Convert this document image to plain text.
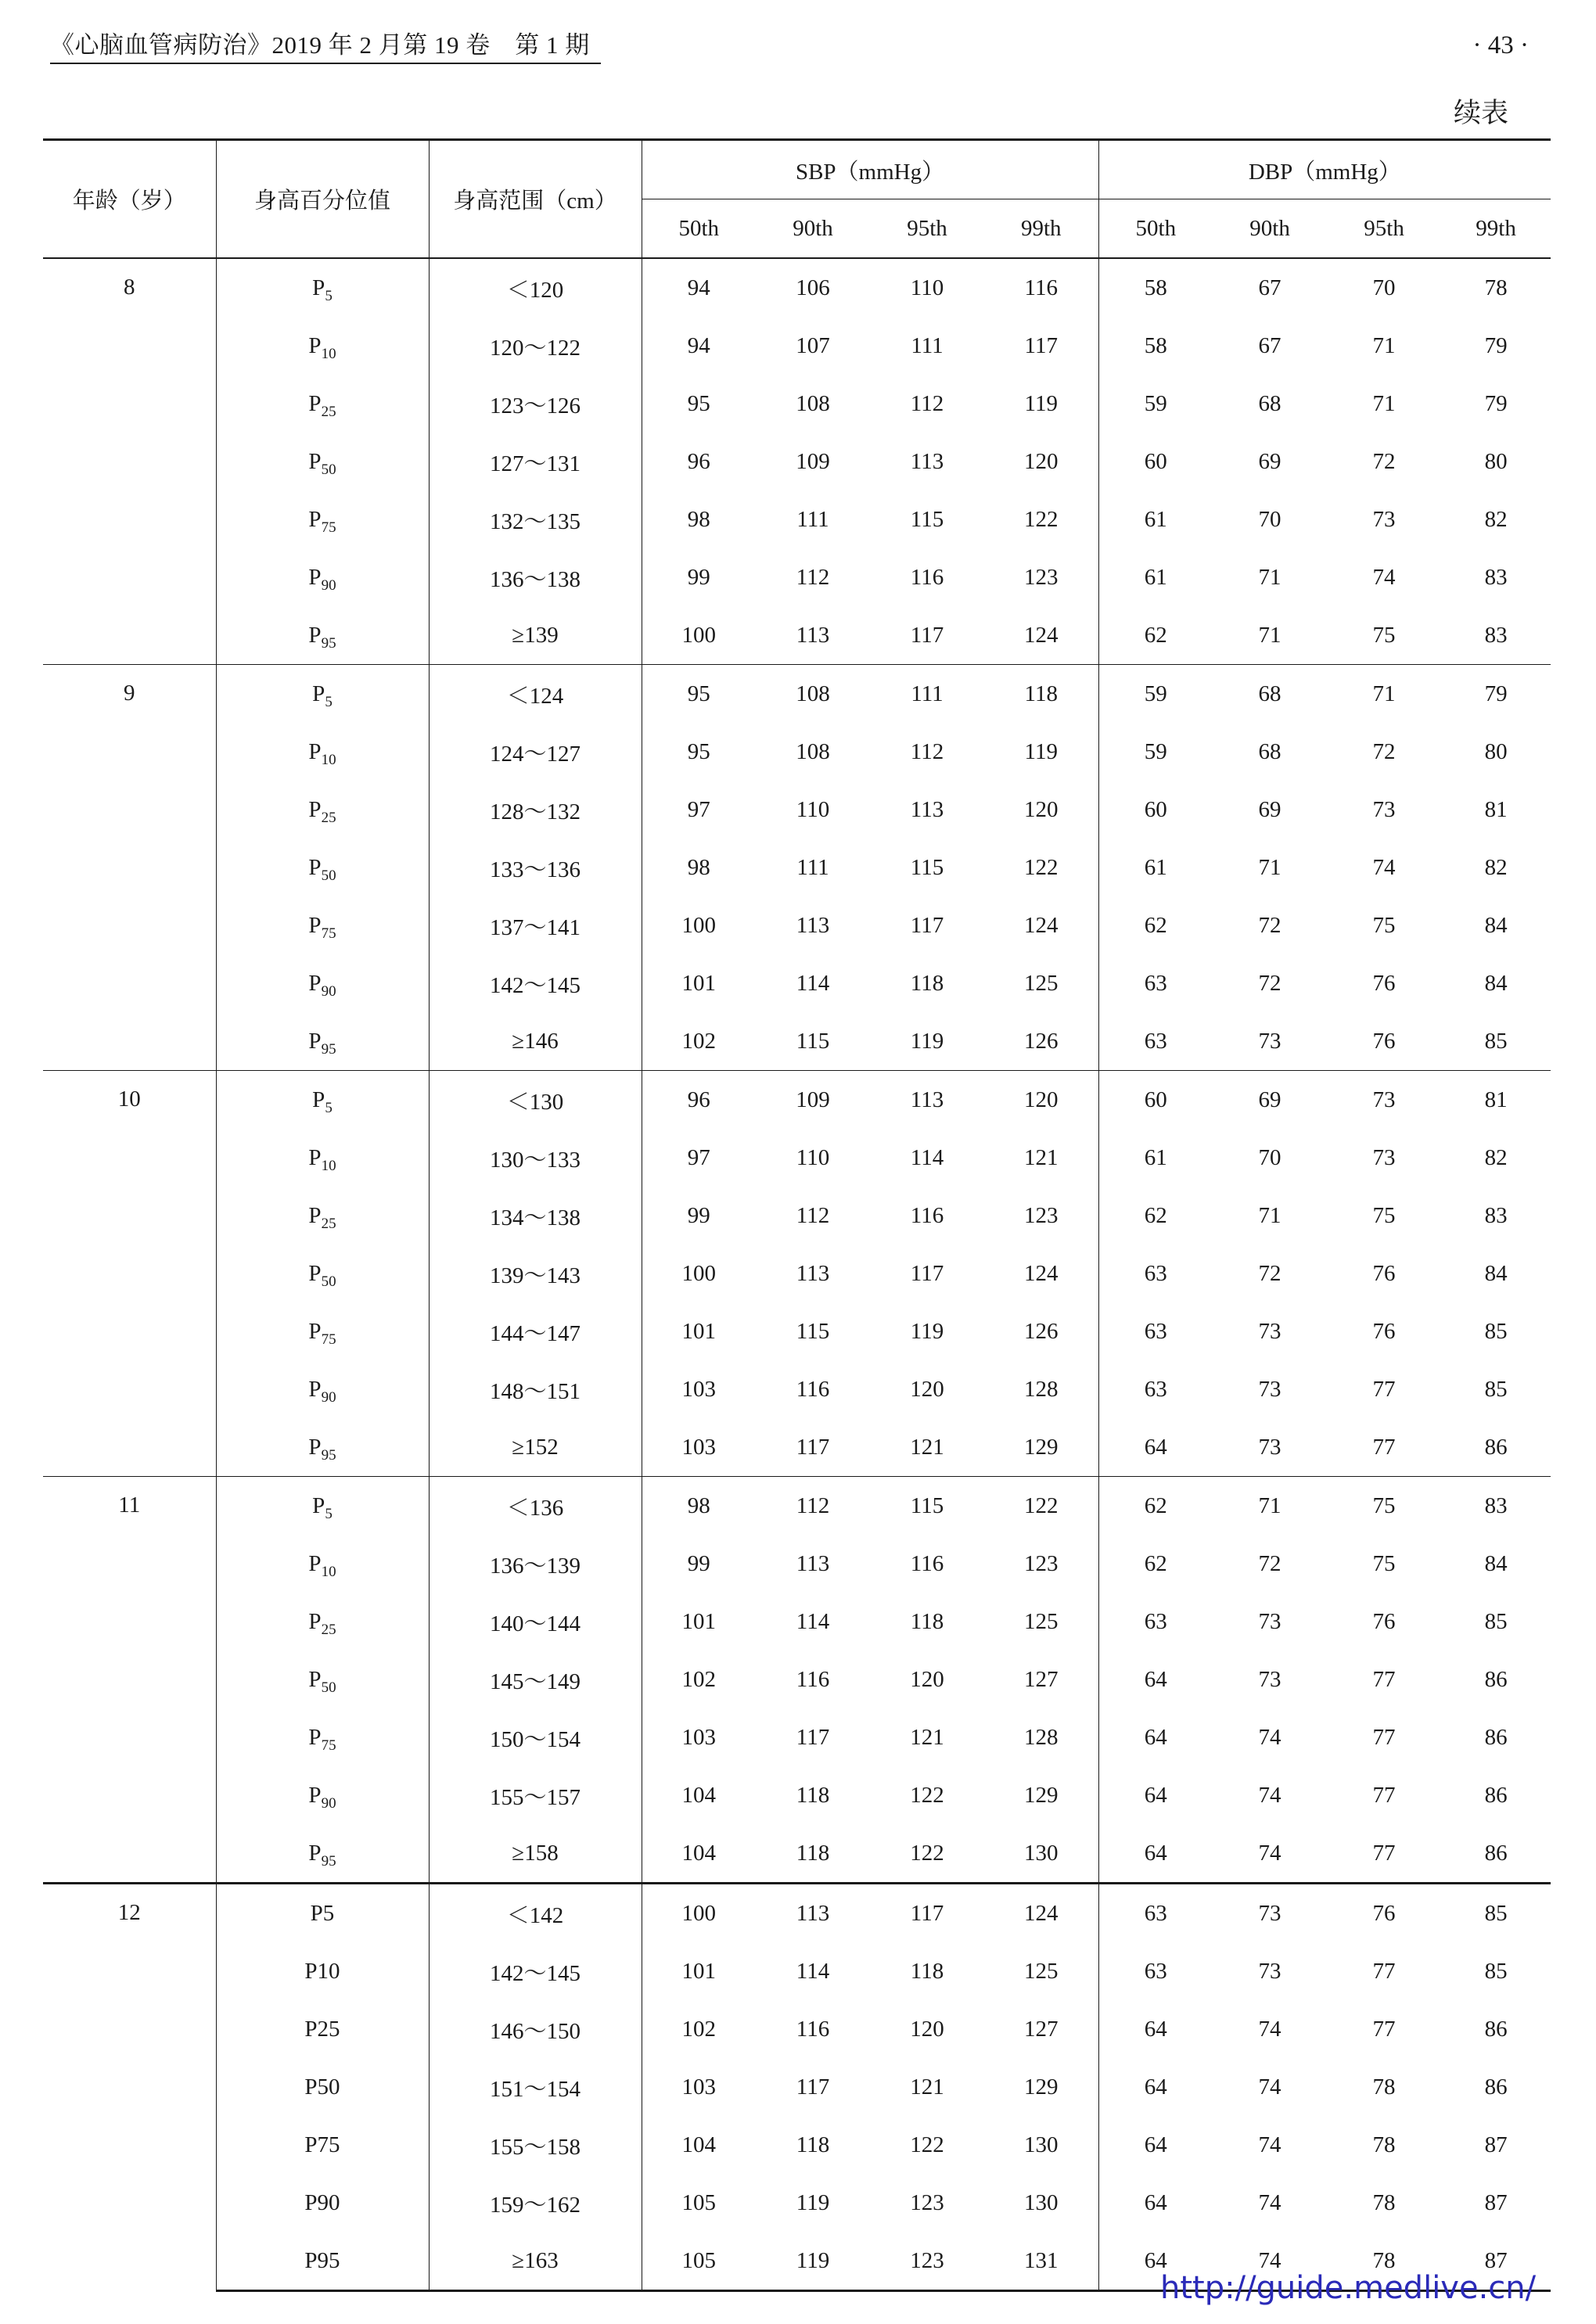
《心脑血管病防治》2019 年 2 月第 19 卷　第 1 期	· 43 ·
续表
年龄（岁）	身高百分位值	身高范围（cm）	SBP（mmHg）				DBP（mmHg）			
			50th	90th	95th	99th	50th	90th	95th	99th
8	$P_5$	＜120	94	106	110	116	58	67	70	78
	$P_{10}$	120～122	94	107	111	117	58	67	71	79
	$P_{25}$	123～126	95	108	112	119	59	68	71	79
	$P_{50}$	127～131	96	109	113	120	60	69	72	80
	$P_{75}$	132～135	98	111	115	122	61	70	73	82
	$P_{90}$	136～138	99	112	116	123	61	71	74	83
	$P_{95}$	≥139	100	113	117	124	62	71	75	83
9	$P_5$	＜124	95	108	111	118	59	68	71	79
	$P_{10}$	124～127	95	108	112	119	59	68	72	80
	$P_{25}$	128～132	97	110	113	120	60	69	73	81
	$P_{50}$	133～136	98	111	115	122	61	71	74	82
	$P_{75}$	137～141	100	113	117	124	62	72	75	84
	$P_{90}$	142～145	101	114	118	125	63	72	76	84
	$P_{95}$	≥146	102	115	119	126	63	73	76	85
10	$P_5$	＜130	96	109	113	120	60	69	73	81
	$P_{10}$	130～133	97	110	114	121	61	70	73	82
	$P_{25}$	134～138	99	112	116	123	62	71	75	83
	$P_{50}$	139～143	100	113	117	124	63	72	76	84
	$P_{75}$	144～147	101	115	119	126	63	73	76	85
	$P_{90}$	148～151	103	116	120	128	63	73	77	85
	$P_{95}$	≥152	103	117	121	129	64	73	77	86
11	$P_5$	＜136	98	112	115	122	62	71	75	83
	$P_{10}$	136～139	99	113	116	123	62	72	75	84
	$P_{25}$	140～144	101	114	118	125	63	73	76	85
	$P_{50}$	145～149	102	116	120	127	64	73	77	86
	$P_{75}$	150～154	103	117	121	128	64	74	77	86
	$P_{90}$	155～157	104	118	122	129	64	74	77	86
	$P_{95}$	≥158	104	118	122	130	64	74	77	86
12	P5	＜142	100	113	117	124	63	73	76	85
	P10	142～145	101	114	118	125	63	73	77	85
	P25	146～150	102	116	120	127	64	74	77	86
	P50	151～154	103	117	121	129	64	74	78	86
	P75	155～158	104	118	122	130	64	74	78	87
	P90	159～162	105	119	123	130	64	74	78	87
	P95	≥163	105	119	123	131	64	74	78	87
http://guide.medlive.cn/
